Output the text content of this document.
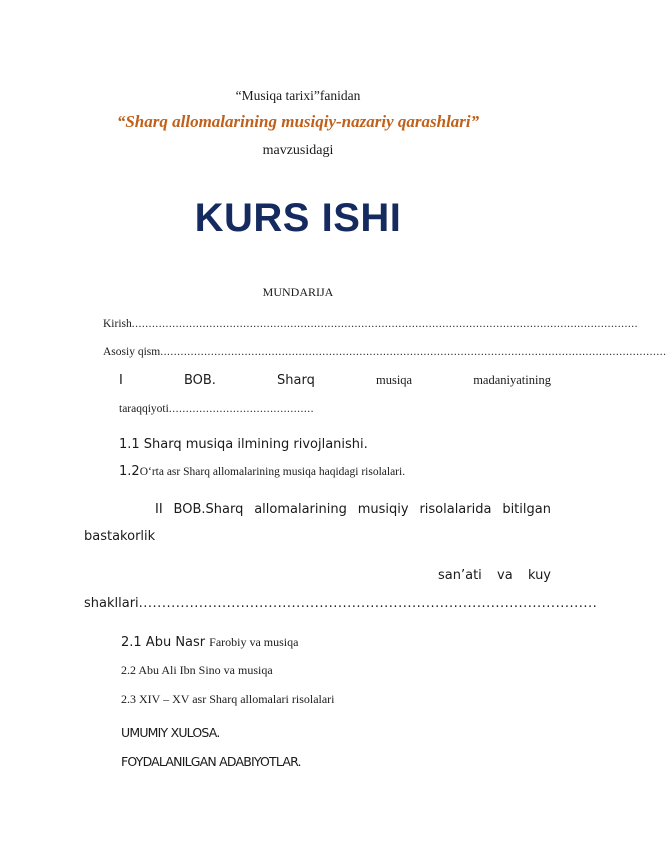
“Musiqa tarixi”fanidan
“Sharq allomalarining musiqiy-nazariy qarashlari”
mavzusidagi
KURS ISHI
MUNDARIJA
Kirish......................................................................................................................................................
Asosiy qism......................................................................................................................................................
I	BOB.	Sharq	musiqa	madaniyatining
taraqqiyoti...........................................
1.1 Sharq musiqa ilmining rivojlanishi.
1.2O‘rta asr Sharq allomalarining musiqa haqidagi risolalari.
II BOB.Sharq allomalarining musiqiy risolalarida bitilgan
bastakorlik
san’ati va kuy
shakllari...................................................................................................
2.1 Abu Nasr Farobiy va musiqa
2.2 Abu Ali Ibn Sino va musiqa
2.3 XIV – XV asr Sharq allomalari risolalari
UMUMIY XULOSA.
FOYDALANILGAN ADABIYOTLAR.
